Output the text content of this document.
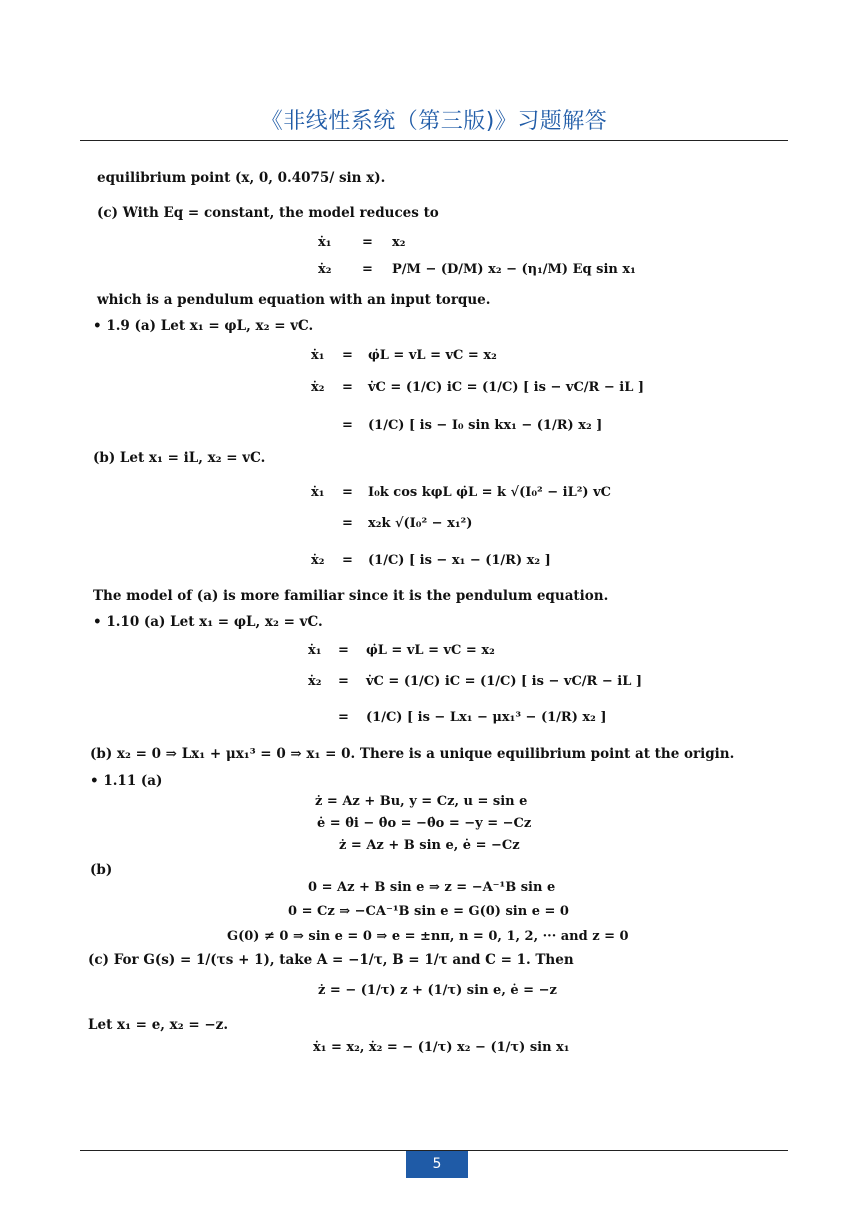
《非线性系统（第三版)》习题解答
equilibrium point (x, 0, 0.4075/ sin x).
(c) With Eq = constant, the model reduces to
ẋ₁ = x₂
ẋ₂ = P/M − (D/M) x₂ − (η₁/M) Eq sin x₁
which is a pendulum equation with an input torque.
• 1.9 (a) Let x₁ = φL, x₂ = vC.
ẋ₁ = φ̇L = vL = vC = x₂
ẋ₂ = v̇C = (1/C) iC = (1/C) [ is − vC/R − iL ]
= (1/C) [ is − I₀ sin kx₁ − (1/R) x₂ ]
(b) Let x₁ = iL, x₂ = vC.
ẋ₁ = I₀k cos kφL φ̇L = k √(I₀² − iL²) vC
= x₂k √(I₀² − x₁²)
ẋ₂ = (1/C) [ is − x₁ − (1/R) x₂ ]
The model of (a) is more familiar since it is the pendulum equation.
• 1.10 (a) Let x₁ = φL, x₂ = vC.
ẋ₁ = φ̇L = vL = vC = x₂
ẋ₂ = v̇C = (1/C) iC = (1/C) [ is − vC/R − iL ]
= (1/C) [ is − Lx₁ − μx₁³ − (1/R) x₂ ]
(b) x₂ = 0 ⇒ Lx₁ + μx₁³ = 0 ⇒ x₁ = 0. There is a unique equilibrium point at the origin.
• 1.11 (a)
ż = Az + Bu, y = Cz, u = sin e
ė = θ̇i − θ̇o = −θ̇o = −y = −Cz
ż = Az + B sin e, ė = −Cz
(b)
0 = Az + B sin e ⇒ z = −A⁻¹B sin e
0 = Cz ⇒ −CA⁻¹B sin e = G(0) sin e = 0
G(0) ≠ 0 ⇒ sin e = 0 ⇒ e = ±nπ, n = 0, 1, 2, ··· and z = 0
(c) For G(s) = 1/(τs + 1), take A = −1/τ, B = 1/τ and C = 1. Then
ż = − (1/τ) z + (1/τ) sin e, ė = −z
Let x₁ = e, x₂ = −z.
ẋ₁ = x₂, ẋ₂ = − (1/τ) x₂ − (1/τ) sin x₁
5
